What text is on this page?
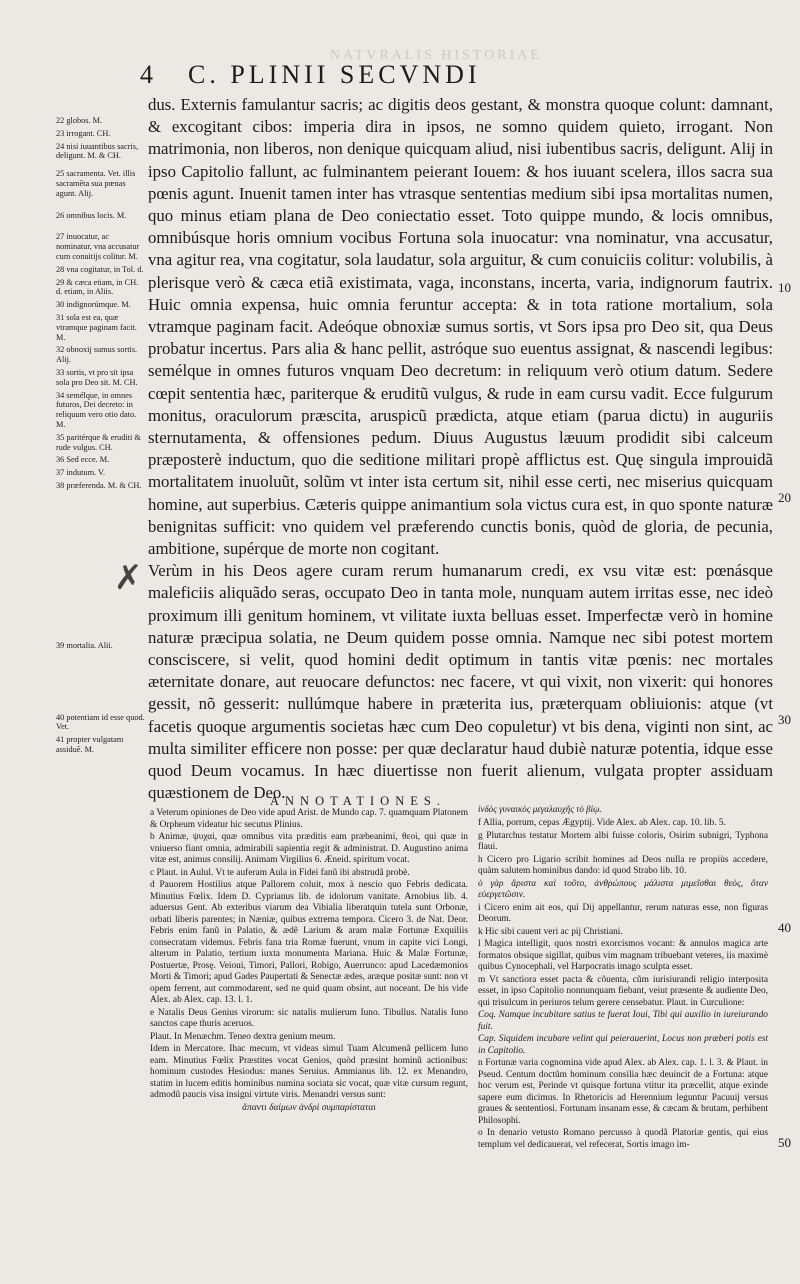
NATVRALIS HISTORIAE
4 C. PLINII SECVNDI
22 globos. M.
23 irrogant. CH.
24 nisi iuuantibus sacris, deligunt. M. & CH.
25 sacramenta. Vet. illis sacramẽta sua pœnas agunt. Alij.
26 omnibus locis. M.
27 inuocatur, ac nominatur, vna accusatur cum conuitijs colitur. M.
28 vna cogitatur, in Tol. d.
29 & cæca etiam, in CH. d. etiam, in Aliis.
30 indignorúmque. M.
31 sola est ea, quæ vtramque paginam facit. M.
32 obnoxij sumus sortis. Alij.
33 sortis, vt pro sit ipsa sola pro Deo sit. M. CH.
34 semélque, in omnes futuros, Dei decreto: in reliquum vero otio dato. M.
35 paritérque & eruditi & rude vulgus. CH.
36 Sed ecce. M.
37 indutum. V.
38 præferenda. M. & CH.
39 mortalia. Alii.
40 potentiam id esse quod. Vet.
41 propter vulgatam assiduē. M.
✗

dus. Externis famulantur sacris; ac digitis deos gestant, & monstra quoque colunt: damnant, & excogitant cibos: imperia dira in ipsos, ne somno quidem quieto, irrogant. Non matrimonia, non liberos, non denique quicquam aliud, nisi iubentibus sacris, deligunt. Alij in ipso Capitolio fallunt, ac fulminantem peierant Iouem: & hos iuuant scelera, illos sacra sua pœnis agunt. Inuenit tamen inter has vtrasque sententias medium sibi ipsa mortalitas numen, quo minus etiam plana de Deo coniectatio esset. Toto quippe mundo, & locis omnibus, omnibúsque horis omnium vocibus Fortuna sola inuocatur: vna nominatur, vna accusatur, vna agitur rea, vna cogitatur, sola laudatur, sola arguitur, & cum conuiciis colitur: volubilis, à plerisque verò & cæca etiã existimata, vaga, inconstans, incerta, varia, indignorum fautrix. Huic omnia expensa, huic omnia feruntur accepta: & in tota ratione mortalium, sola vtramque paginam facit. Adeóque obnoxiæ sumus sortis, vt Sors ipsa pro Deo sit, qua Deus probatur incertus. Pars alia & hanc pellit, astróque suo euentus assignat, & nascendi legibus: semélque in omnes futuros vnquam Deo decretum: in reliquum verò otium datum. Sedere cœpit sententia hæc, pariterque & eruditũ vulgus, & rude in eam cursu vadit. Ecce fulgurum monitus, oraculorum præscita, aruspicũ prædicta, atque etiam (parua dictu) in auguriis sternutamenta, & offensiones pedum. Diuus Augustus læuum prodidit sibi calceum præposterè inductum, quo die seditione militari propè afflictus est. Quę singula improuidã mortalitatem inuoluũt, solũm vt inter ista certum sit, nihil esse certi, nec miserius quicquam homine, aut superbius. Cæteris quippe animantium sola victus cura est, in quo sponte naturæ benignitas sufficit: vno quidem vel præferendo cunctis bonis, quòd de gloria, de pecunia, ambitione, supérque de morte non cogitant.

Verùm in his Deos agere curam rerum humanarum credi, ex vsu vitæ est: pœnásque maleficiis aliquãdo seras, occupato Deo in tanta mole, nunquam autem irritas esse, nec ideò proximum illi genitum hominem, vt vilitate iuxta belluas esset. Imperfectæ verò in homine naturæ præcipua solatia, ne Deum quidem posse omnia. Namque nec sibi potest mortem consciscere, si velit, quod homini dedit optimum in tantis vitæ pœnis: nec mortales æternitate donare, aut reuocare defunctos: nec facere, vt qui vixit, non vixerit: qui honores gessit, nõ gesserit: nullúmque habere in præterita ius, præterquam obliuionis: atque (vt facetis quoque argumentis societas hæc cum Deo copuletur) vt bis dena, viginti non sint, ac multa similiter efficere non posse: per quæ declaratur haud dubiè naturæ potentia, idque esse quod Deum vocamus. In hæc diuertisse non fuerit alienum, vulgata propter assiduam quæstionem de Deo.

10
20
30
40
50
ANNOTATIONES.
ἰνδὸς γυναικὸς μεγαλαυχῆς τὸ βίῳ.
a Veterum opiniones de Deo vide apud Arist. de Mundo cap. 7. quamquam Platonem & Orpheum videatur hic secutus Plinius.
b Animæ, ψυχαὶ, quæ omnibus vita præditis eam præbeanimi, θεοὶ, qui quæ in vniuerso fiant omnia, admirabili sapientia regit & administrat. D. Augustino anima vitæ est, animus consilij. Animam Virgilius 6. Æneid. spiritum vocat.
c Plaut. in Aulul. Vt te auferam Aula in Fidei fanũ ibi abstrudã probè.
d Pauorem Hostilius atque Pallorem coluit, mox à nescio quo Febris dedicata. Minutius Fœlix. Idem D. Cyprianus lib. de idolorum vanitate. Arnobius lib. 4. aduersus Gent. Ab exteribus viarum dea Vibialia liberatquin tutela sunt Orbonæ, orbati liberis parentes; in Næniæ, quibus extrema tempora. Cicero 3. de Nat. Deor. Febris enim fanũ in Palatio, & ædẽ Larium & aram malæ Fortunæ Exquiliis consecratam videmus. Febris fana tria Romæ fuerunt, vnum in capite vici Longi, alterum in Palatio, tertium iuxta monumenta Mariana. Huic & Malæ Fortunæ, Postuertæ, Prosę. Veioui, Timori, Pallori, Robigo, Auerrunco: apud Lacedæmonios Morti & Timori; apud Gades Paupertati & Senectæ ædes, aræque positæ sunt: non vt opem ferrent, aut commodarent, sed ne quid quam obsint, aut noceant. De his vide Alex. ab Alex. cap. 13. l. 1.
e Natalis Deus Genius virorum: sic natalis mulierum Iuno. Tibullus. Natalis Iuno sanctos cape thuris aceruos.
Plaut. In Menæchm. Teneo dextra genium meum.
Idem in Mercatore. Ihac mecum, vt videas simul Tuam Alcumenã pellicem Iuno eam. Minutius Fœlix Præstites vocat Genios, quòd præsint hominũ actionibus: hominum custodes Hesiodus: manes Seruius. Ammianus lib. 12. ex Menandro, statim in lucem editis hominibus numina sociata sic vocat, quæ vitæ cursum regunt, admodũ paucis visa insigni virtute viris. Menandri versus sunt:
ἅπαντι δαίμων ἀνδρὶ συμπαρίσταται
f Allia, porrum, cepas Ægyptij. Vide Alex. ab Alex. cap. 10. lib. 5.
g Plutarchus testatur Mortem albi fuisse coloris, Osirim subnigri, Typhona flaui.
h Cicero pro Ligario scribit homines ad Deos nulla re propiùs accedere, quàm salutem hominibus dando: id quod Strabo lib. 10.
ὁ γὰρ ἄριστα καὶ τοῦτο, ἀνθρώπους μάλιστα μιμεῖσθαι θεὸς, ὅταν εὐεργετῶσιν.
i Cicero enim ait eos, qui Dij appellantur, rerum naturas esse, non figuras Deorum.
k Hic sibi cauent veri ac pij Christiani.
l Magica intelligit, quos nostri exorcismos vocant: & annulos magica arte formatos obsique sigillat, quibus vim magnam tribuebant veteres, iis maximè quibus Cynocephali, vel Harpocratis imago sculpta esset.
m Vt sanctiora esset pacta & cõuenta, cũm iurisiurandi religio interposita esset, in ipso Capitolio nonnunquam fiebant, veiut præsente & audiente Deo, qui trisulcum in periuros telum gerere censebatur. Plaut. in Curculione:
Coq. Namque incubitare satius te fuerat Ioui, Tibi qui auxilio in iureiurando fuit.
Cap. Siquidem incubare velint qui peierauerint, Locus non præberi potis est in Capitolio.
n Fortunæ varia cognomina vide apud Alex. ab Alex. cap. 1. l. 3. & Plaut. in Pseud. Centum doctũm hominum consilia hæc deuincit de a Fortuna: atque hoc verum est, Perinde vt quisque fortuna vtitur ita præcellit, atque exinde sapere eum dicimus. In Rhetoricis ad Herennium leguntur Pacuuij versus graues & sententiosi. Fortunam insanam esse, & cæcam & brutam, perhibent Philosophi.
o In denario vetusto Romano percusso à quodã Platoriæ gentis, qui eius templum vel dedicauerat, vel refecerat, Sortis imago im-
